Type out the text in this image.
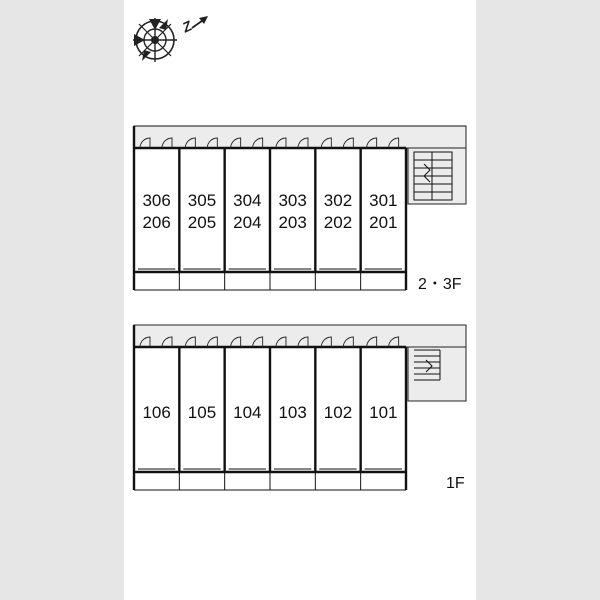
Z
306
206
305
205
304
204
303
203
302
202
301
201
2・3F
106 105 104 103 102 101
1F
